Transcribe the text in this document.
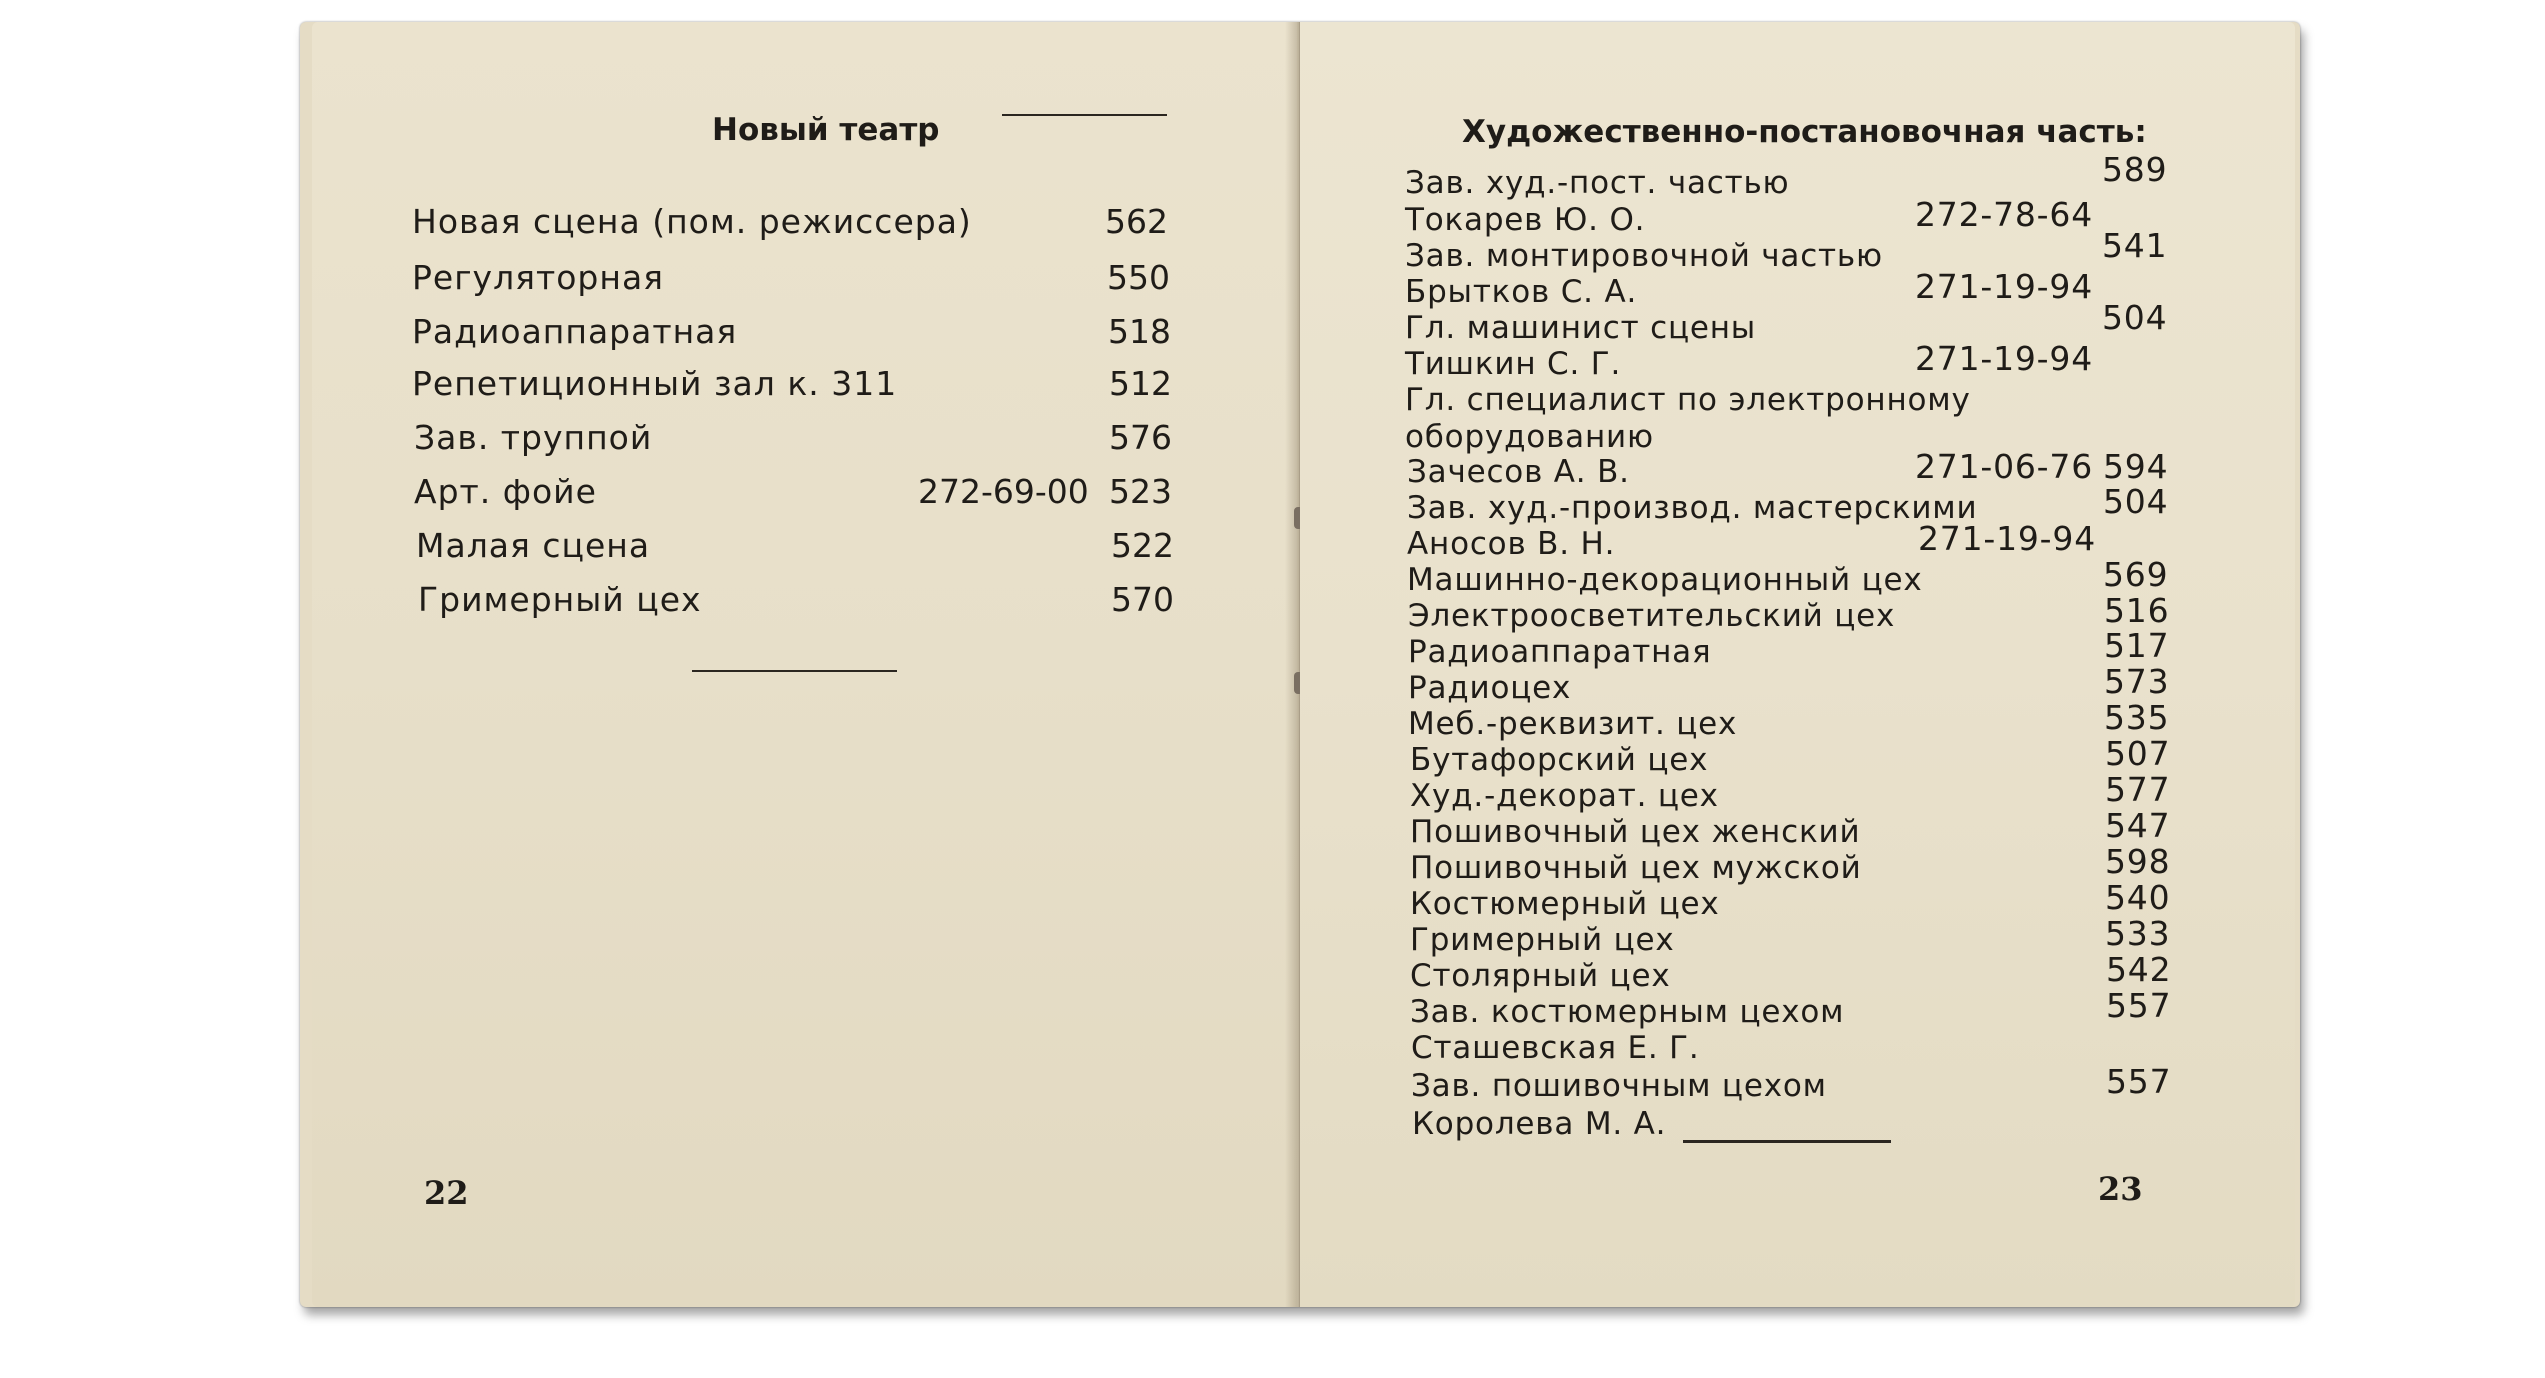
Новый театр
Новая сцена (пом. режиссера)	562
Регуляторная	550
Радиоаппаратная	518
Репетиционный зал к. 311	512
Зав. труппой	576
Арт. фойе	272-69-00 523
Малая сцена	522
Гримерный цех	570
22
Художественно-постановочная часть:
Зав. худ.-пост. частью	589
Токарев Ю. О.	272-78-64
Зав. монтировочной частью	541
Брытков С. А.	271-19-94
Гл. машинист сцены	504
Тишкин С. Г.	271-19-94
Гл. специалист по электронному
оборудованию
Зачесов А. В.	271-06-76 594
Зав. худ.-производ. мастерскими	504
Аносов В. Н.	271-19-94
Машинно-декорационный цех	569
Электроосветительский цех	516
Радиоаппаратная	517
Радиоцех	573
Меб.-реквизит. цех	535
Бутафорский цех	507
Худ.-декорат. цех	577
Пошивочный цех женский	547
Пошивочный цех мужской	598
Костюмерный цех	540
Гримерный цех	533
Столярный цех	542
Зав. костюмерным цехом	557
Сташевская Е. Г.
Зав. пошивочным цехом	557
Королева М. А.
23
